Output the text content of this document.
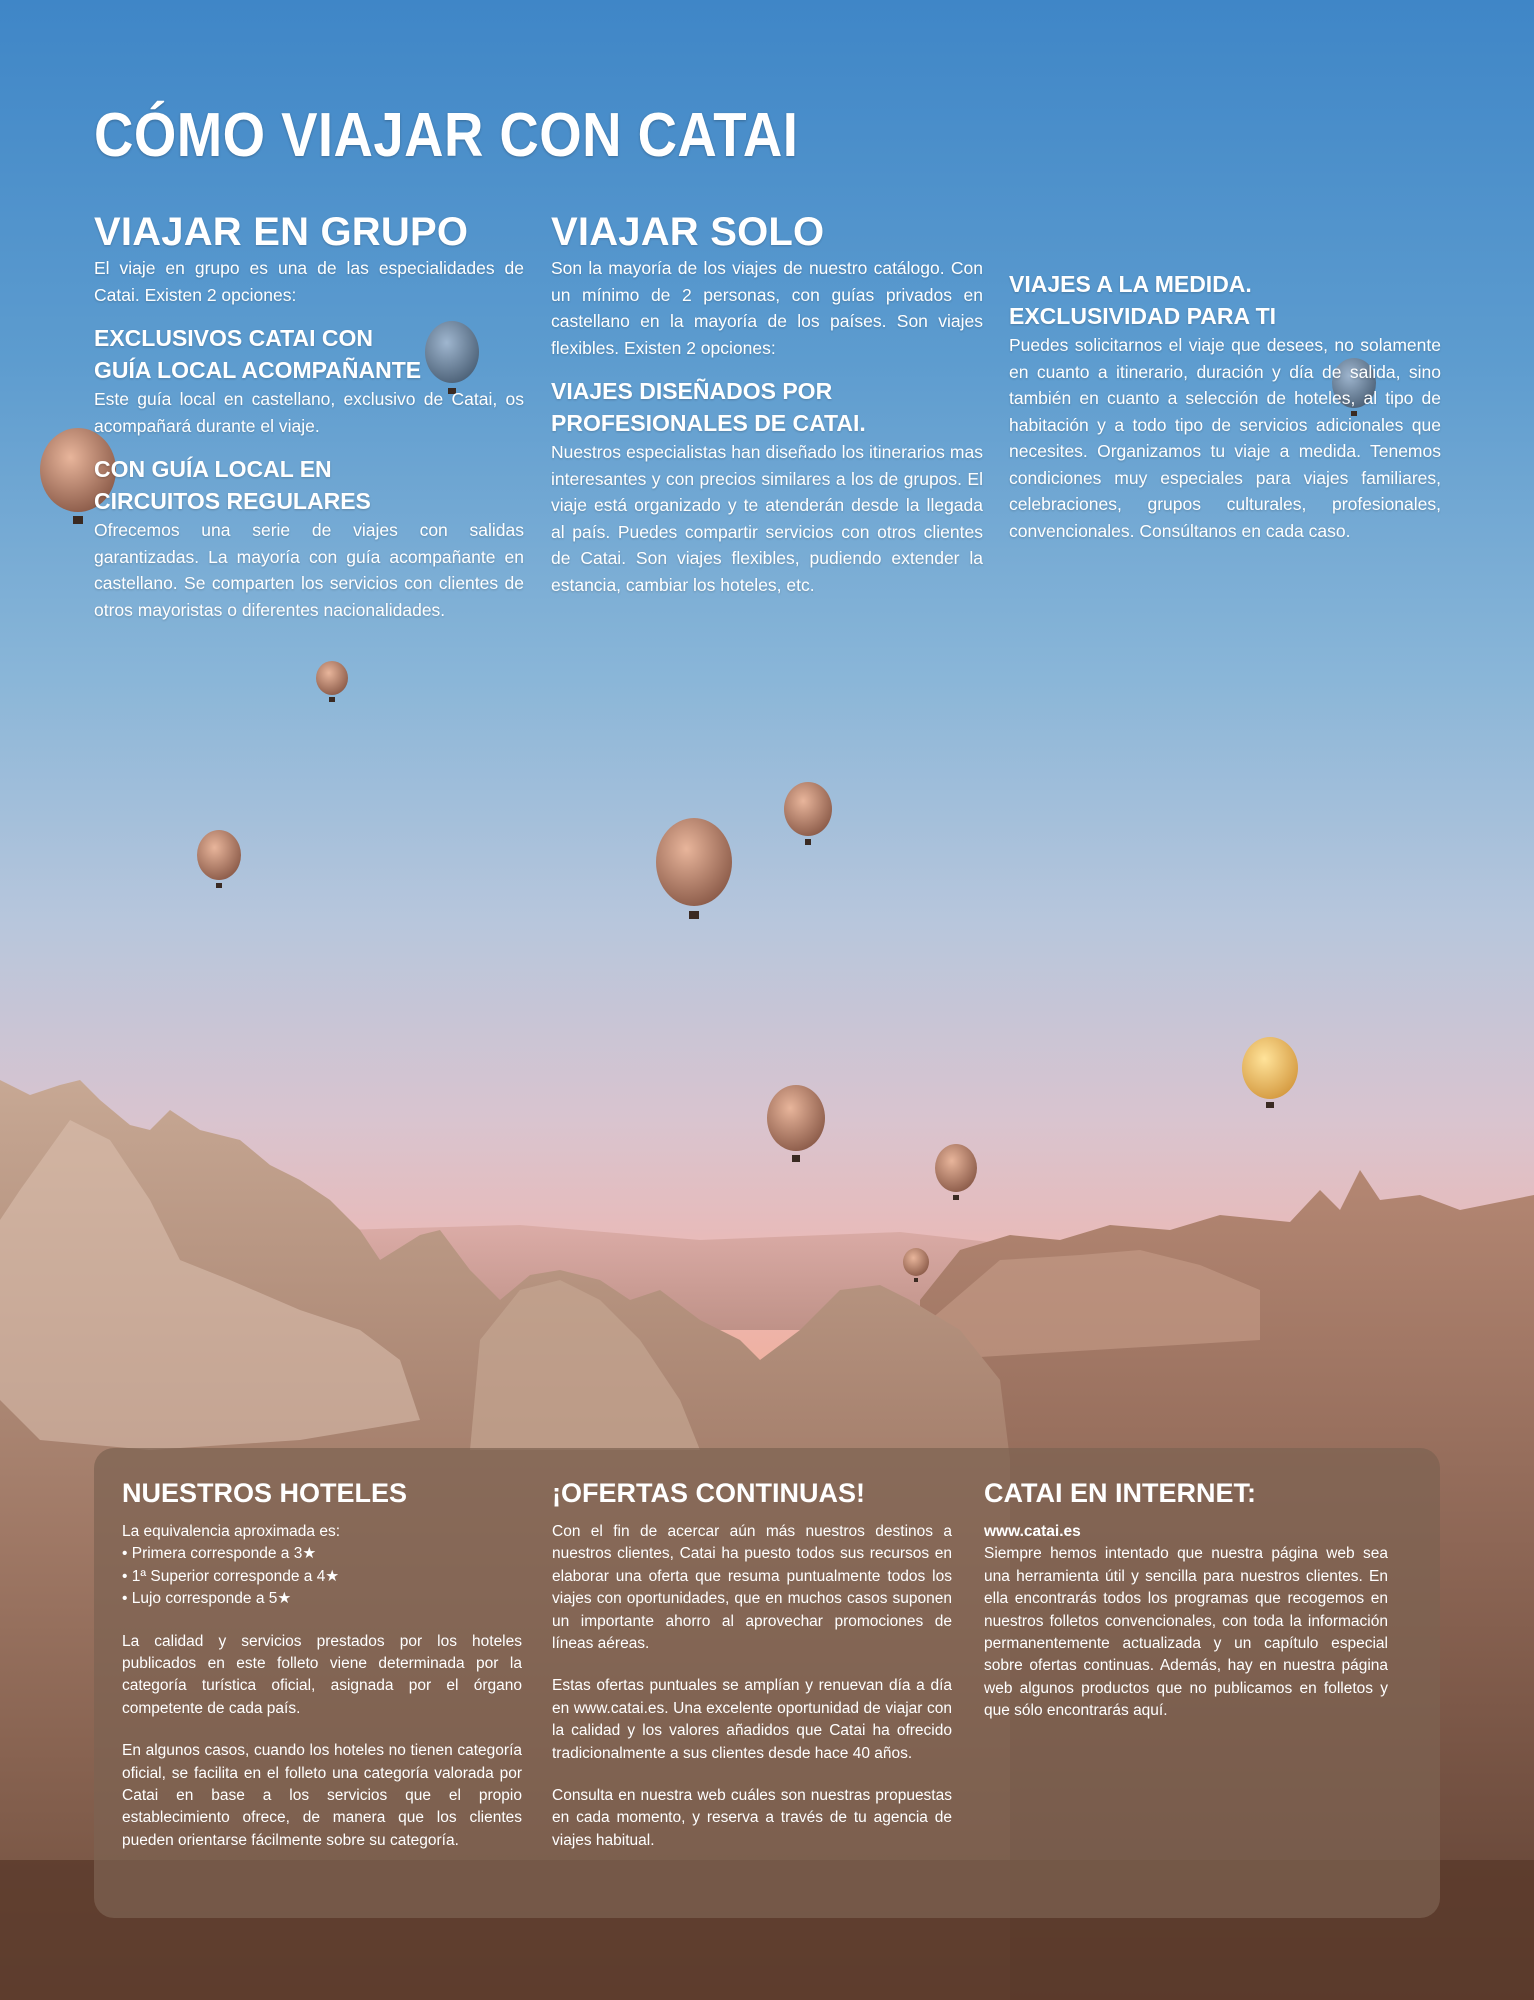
CÓMO VIAJAR CON CATAI
VIAJAR EN GRUPO

El viaje en grupo es una de las especialidades de Catai. Existen 2 opciones:

EXCLUSIVOS CATAI CON
GUÍA LOCAL ACOMPAÑANTE

Este guía local en castellano, exclusivo de Catai, os acompañará durante el viaje.

CON GUÍA LOCAL EN
CIRCUITOS REGULARES

Ofrecemos una serie de viajes con salidas garantizadas. La mayoría con guía acompañante en castellano. Se comparten los servicios con clientes de otros mayoristas o diferentes nacionalidades.

VIAJAR SOLO

Son la mayoría de los viajes de nuestro catálogo. Con un mínimo de 2 personas, con guías privados en castellano en la mayoría de los países. Son viajes flexibles. Existen 2 opciones:

VIAJES DISEÑADOS POR
PROFESIONALES DE CATAI.

Nuestros especialistas han diseñado los itinerarios mas interesantes y con precios similares a los de grupos. El viaje está organizado y te atenderán desde la llegada al país. Puedes compartir servicios con otros clientes de Catai. Son viajes flexibles, pudiendo extender la estancia, cambiar los hoteles, etc.

VIAJES A LA MEDIDA.
EXCLUSIVIDAD PARA TI

Puedes solicitarnos el viaje que desees, no solamente en cuanto a itinerario, duración y día de salida, sino también en cuanto a selección de hoteles, al tipo de habitación y a todo tipo de servicios adicionales que necesites. Organizamos tu viaje a medida. Tenemos condiciones muy especiales para viajes familiares, celebraciones, grupos culturales, profesionales, convencionales. Consúltanos en cada caso.

NUESTROS HOTELES

La equivalencia aproximada es:

• Primera corresponde a 3★

• 1ª Superior corresponde a 4★

• Lujo corresponde a 5★

La calidad y servicios prestados por los hoteles publicados en este folleto viene determinada por la categoría turística oficial, asignada por el órgano competente de cada país.

En algunos casos, cuando los hoteles no tienen categoría oficial, se facilita en el folleto una categoría valorada por Catai en base a los servicios que el propio establecimiento ofrece, de manera que los clientes pueden orientarse fácilmente sobre su categoría.

¡OFERTAS CONTINUAS!

Con el fin de acercar aún más nuestros destinos a nuestros clientes, Catai ha puesto todos sus recursos en elaborar una oferta que resuma puntualmente todos los viajes con oportunidades, que en muchos casos suponen un importante ahorro al aprovechar promociones de líneas aéreas.

Estas ofertas puntuales se amplían y renuevan día a día en www.catai.es. Una excelente oportunidad de viajar con la calidad y los valores añadidos que Catai ha ofrecido tradicionalmente a sus clientes desde hace 40 años.

Consulta en nuestra web cuáles son nuestras propuestas en cada momento, y reserva a través de tu agencia de viajes habitual.

CATAI EN INTERNET:

www.catai.es

Siempre hemos intentado que nuestra página web sea una herramienta útil y sencilla para nuestros clientes. En ella encontrarás todos los programas que recogemos en nuestros folletos convencionales, con toda la información permanentemente actualizada y un capítulo especial sobre ofertas continuas. Además, hay en nuestra página web algunos productos que no publicamos en folletos y que sólo encontrarás aquí.
